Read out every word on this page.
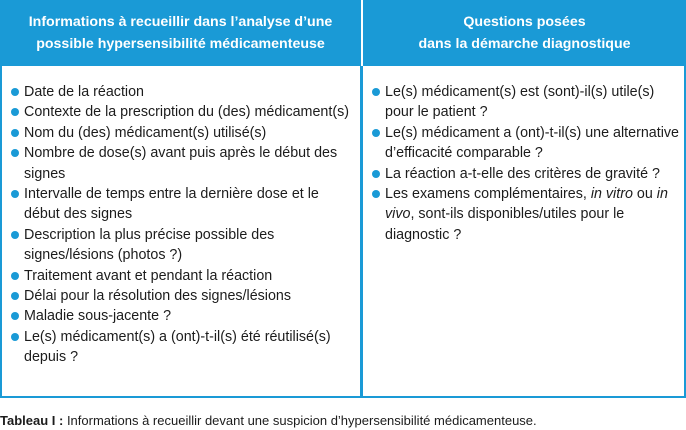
Informations à recueillir dans l’analyse d’une
possible hypersensibilité médicamenteuse
Questions posées
dans la démarche diagnostique
Date de la réaction
Contexte de la prescription du (des) médicament(s)
Nom du (des) médicament(s) utilisé(s)
Nombre de dose(s) avant puis après le début des signes
Intervalle de temps entre la dernière dose et le début des signes
Description la plus précise possible des signes/lésions (photos ?)
Traitement avant et pendant la réaction
Délai pour la résolution des signes/lésions
Maladie sous-jacente ?
Le(s) médicament(s) a (ont)-t-il(s) été réutilisé(s) depuis ?
Le(s) médicament(s) est (sont)-il(s) utile(s) pour le patient ?
Le(s) médicament a (ont)-t-il(s) une alternative d’efficacité comparable ?
La réaction a-t-elle des critères de gravité ?
Les examens complémentaires, in vitro ou in vivo, sont-ils disponibles/utiles pour le diagnostic ?
Tableau I : Informations à recueillir devant une suspicion d’hypersensibilité médicamenteuse.
